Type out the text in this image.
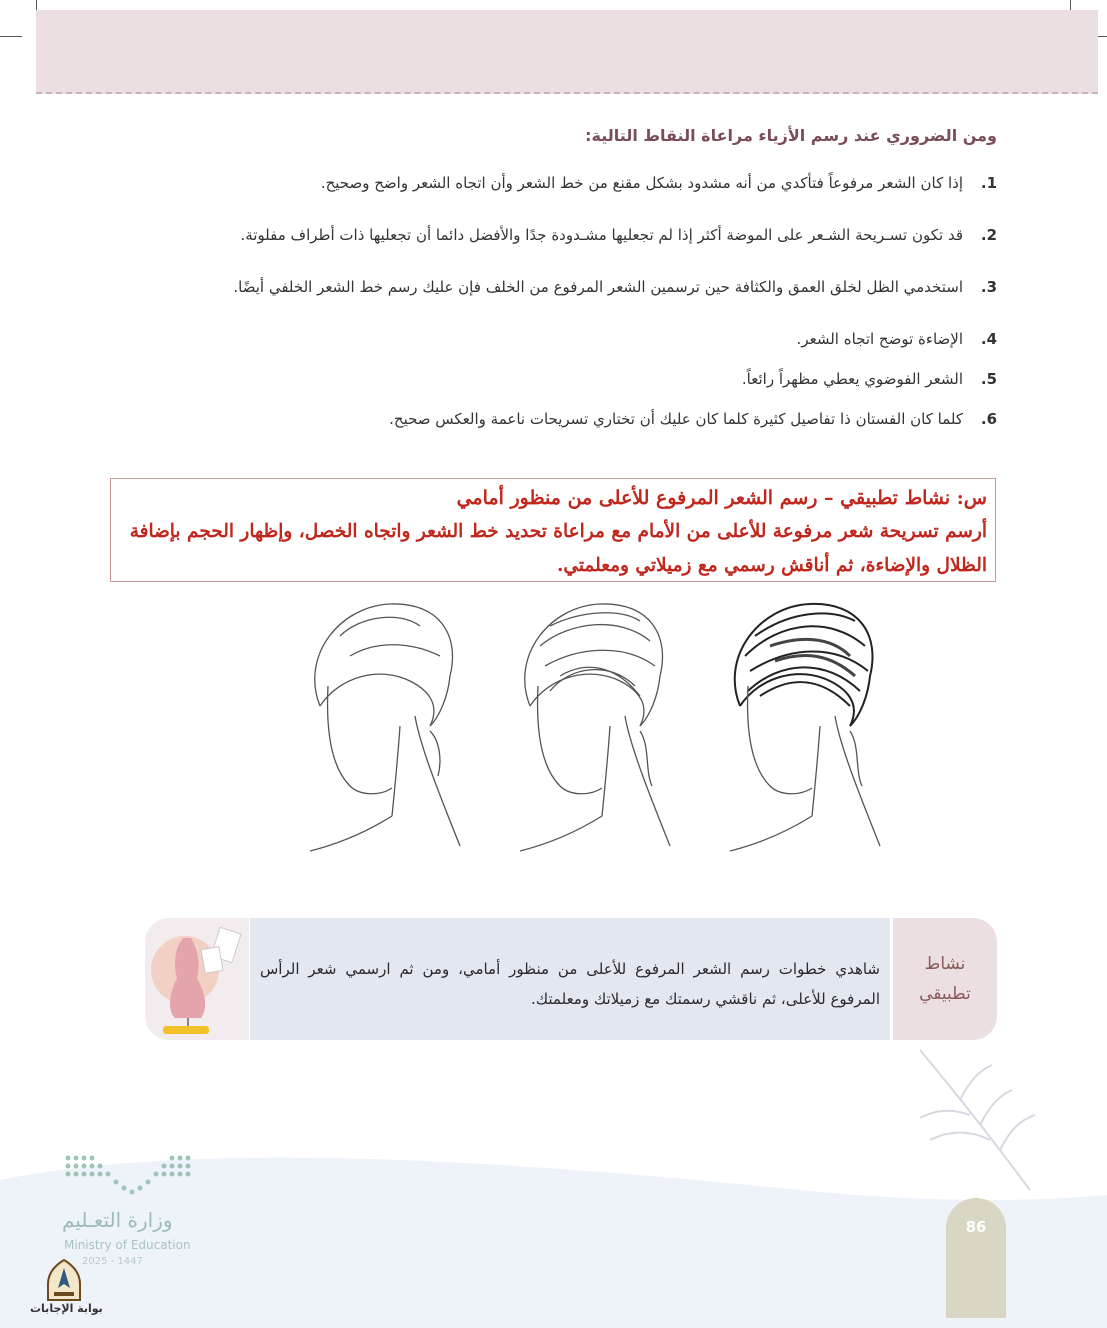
ومن الضروري عند رسم الأزياء مراعاة النقاط التالية:
1.
إذا كان الشعر مرفوعاً فتأكدي من أنه مشدود بشكل مقنع من خط الشعر وأن اتجاه الشعر واضح وصحيح.
2.
قد تكون تسـريحة الشـعر على الموضة أكثر إذا لم تجعليها مشـدودة جدًا والأفضل دائما أن تجعليها ذات أطراف مفلوتة.
3.
استخدمي الظل لخلق العمق والكثافة حين ترسمين الشعر المرفوع من الخلف فإن عليك رسم خط الشعر الخلفي أيضًا.
4.
الإضاءة توضح اتجاه الشعر.
5.
الشعر الفوضوي يعطي مظهراً رائعاً.
6.
كلما كان الفستان ذا تفاصيل كثيرة كلما كان عليك أن تختاري تسريحات ناعمة والعكس صحيح.
س: نشاط تطبيقي – رسم الشعر المرفوع للأعلى من منظور أمامي
أرسم تسريحة شعر مرفوعة للأعلى من الأمام مع مراعاة تحديد خط الشعر واتجاه الخصل، وإظهار الحجم بإضافة
الظلال والإضاءة، ثم أناقش رسمي مع زميلاتي ومعلمتي.
شاهدي خطوات رسم الشعر المرفوع للأعلى من منظور أمامي، ومن ثم ارسمي شعر الرأس المرفوع للأعلى، ثم ناقشي رسمتك مع زميلاتك ومعلمتك.
نشاط
تطبيقي
وزارة التعـليم
Ministry of Education
2025 - 1447
بوابة الإجابات
86
